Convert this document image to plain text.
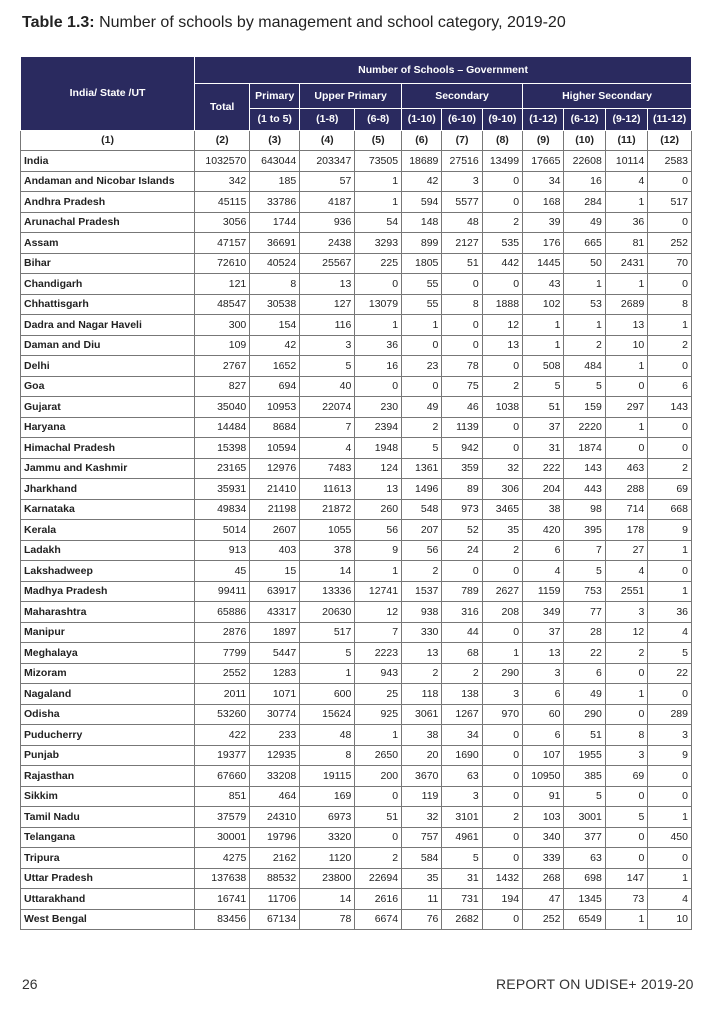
Table 1.3: Number of schools by management and school category, 2019-20
India/ State /UT	Number of Schools – Government										
	Total	Primary	Upper Primary		Secondary			Higher Secondary			
		(1 to 5)	(1-8)	(6-8)	(1-10)	(6-10)	(9-10)	(1-12)	(6-12)	(9-12)	(11-12)
(1)	(2)	(3)	(4)	(5)	(6)	(7)	(8)	(9)	(10)	(11)	(12)
India	1032570	643044	203347	73505	18689	27516	13499	17665	22608	10114	2583
Andaman and Nicobar Islands	342	185	57	1	42	3	0	34	16	4	0
Andhra Pradesh	45115	33786	4187	1	594	5577	0	168	284	1	517
Arunachal Pradesh	3056	1744	936	54	148	48	2	39	49	36	0
Assam	47157	36691	2438	3293	899	2127	535	176	665	81	252
Bihar	72610	40524	25567	225	1805	51	442	1445	50	2431	70
Chandigarh	121	8	13	0	55	0	0	43	1	1	0
Chhattisgarh	48547	30538	127	13079	55	8	1888	102	53	2689	8
Dadra and Nagar Haveli	300	154	116	1	1	0	12	1	1	13	1
Daman and Diu	109	42	3	36	0	0	13	1	2	10	2
Delhi	2767	1652	5	16	23	78	0	508	484	1	0
Goa	827	694	40	0	0	75	2	5	5	0	6
Gujarat	35040	10953	22074	230	49	46	1038	51	159	297	143
Haryana	14484	8684	7	2394	2	1139	0	37	2220	1	0
Himachal Pradesh	15398	10594	4	1948	5	942	0	31	1874	0	0
Jammu and Kashmir	23165	12976	7483	124	1361	359	32	222	143	463	2
Jharkhand	35931	21410	11613	13	1496	89	306	204	443	288	69
Karnataka	49834	21198	21872	260	548	973	3465	38	98	714	668
Kerala	5014	2607	1055	56	207	52	35	420	395	178	9
Ladakh	913	403	378	9	56	24	2	6	7	27	1
Lakshadweep	45	15	14	1	2	0	0	4	5	4	0
Madhya Pradesh	99411	63917	13336	12741	1537	789	2627	1159	753	2551	1
Maharashtra	65886	43317	20630	12	938	316	208	349	77	3	36
Manipur	2876	1897	517	7	330	44	0	37	28	12	4
Meghalaya	7799	5447	5	2223	13	68	1	13	22	2	5
Mizoram	2552	1283	1	943	2	2	290	3	6	0	22
Nagaland	2011	1071	600	25	118	138	3	6	49	1	0
Odisha	53260	30774	15624	925	3061	1267	970	60	290	0	289
Puducherry	422	233	48	1	38	34	0	6	51	8	3
Punjab	19377	12935	8	2650	20	1690	0	107	1955	3	9
Rajasthan	67660	33208	19115	200	3670	63	0	10950	385	69	0
Sikkim	851	464	169	0	119	3	0	91	5	0	0
Tamil Nadu	37579	24310	6973	51	32	3101	2	103	3001	5	1
Telangana	30001	19796	3320	0	757	4961	0	340	377	0	450
Tripura	4275	2162	1120	2	584	5	0	339	63	0	0
Uttar Pradesh	137638	88532	23800	22694	35	31	1432	268	698	147	1
Uttarakhand	16741	11706	14	2616	11	731	194	47	1345	73	4
West Bengal	83456	67134	78	6674	76	2682	0	252	6549	1	10
26	REPORT ON UDISE+ 2019-20
